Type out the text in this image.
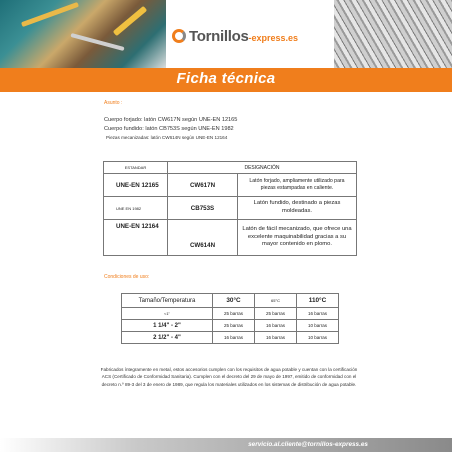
Tornillos -express.es
Ficha técnica
Asunto :
Cuerpo forjado: latón CW617N según UNE-EN 12165
Cuerpo fundido: latón CB753S según UNE-EN 1982
Piezas mecanizadas: latón CW614N según UNE-EN 12164
ESTANDAR	DESIGNACIÓN	
UNE-EN 12165	CW617N	Latón forjado, ampliamente utilizado para piezas estampadas en caliente.
UNE EN 1982	CB753S	Latón fundido, destinado a piezas moldeadas.
UNE-EN 12164	CW614N	Latón de fácil mecanizado, que ofrece una excelente maquinabilidad gracias a su mayor contenido en plomo.
Condiciones de uso:
Tamaño/Temperatura	30°C	65°C	110°C
<1"	25 barras	25 barras	16 barras
1 1/4" - 2"	25 barras	16 barras	10 barras
2 1/2" - 4"	16 barras	16 barras	10 barras
Fabricados íntegramente en metal, estos accesorios cumplen con los requisitos de agua potable y cuentan con la certificación ACS (Certificado de Conformidad Sanitaria). Cumplen con el decreto del 29 de mayo de 1997, emitido de conformidad con el decreto n.º 89-3 del 3 de enero de 1989, que regula los materiales utilizados en los sistemas de distribución de agua potable.
servicio.al.cliente@tornillos-express.es
